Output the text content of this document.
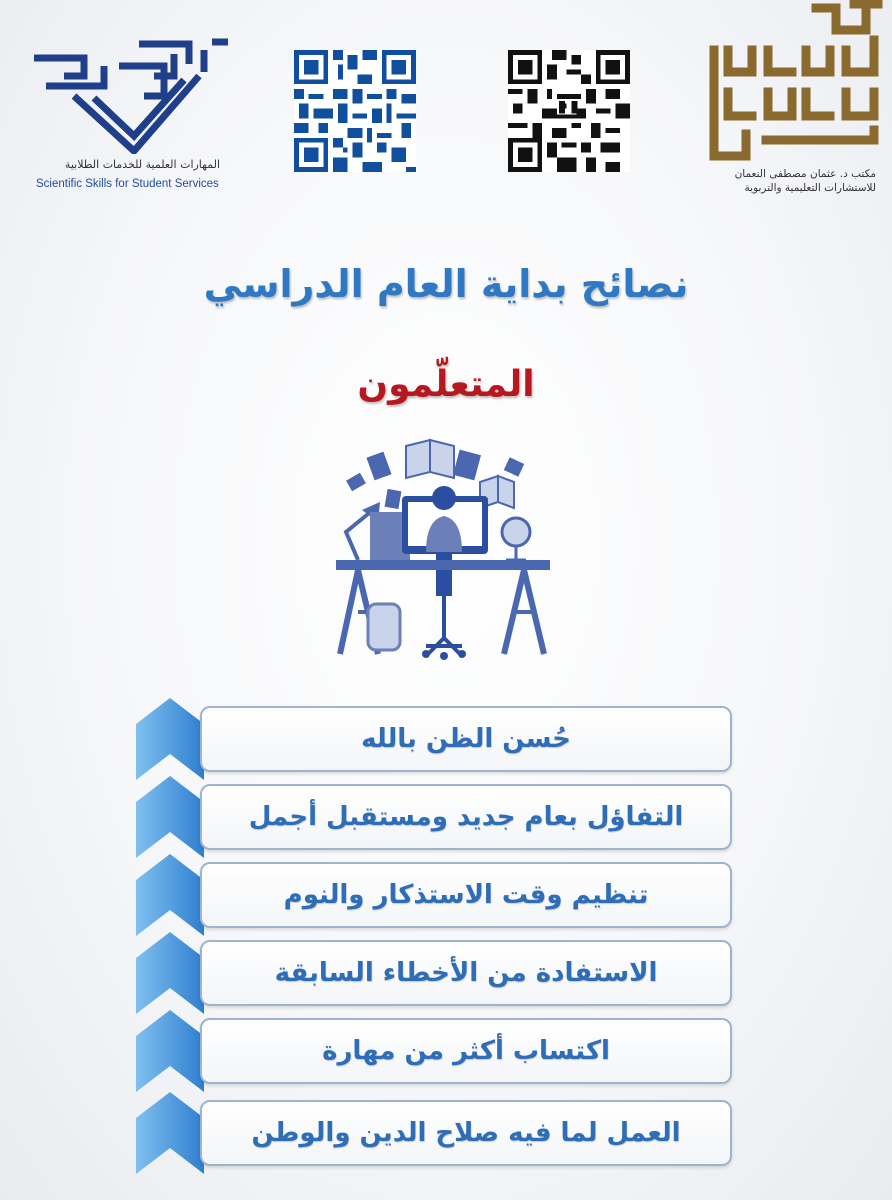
المهارات العلمية للخدمات الطلابية
Scientific Skills for Student Services
مكتب د. عثمان مصطفى النعمان
للاستشارات التعليمية والتربوية
نصائح بداية العام الدراسي
المتعلّمون
حُسن الظن بالله
التفاؤل بعام جديد ومستقبل أجمل
تنظيم وقت الاستذكار والنوم
الاستفادة من الأخطاء السابقة
اكتساب أكثر من مهارة
العمل لما فيه صلاح الدين والوطن
